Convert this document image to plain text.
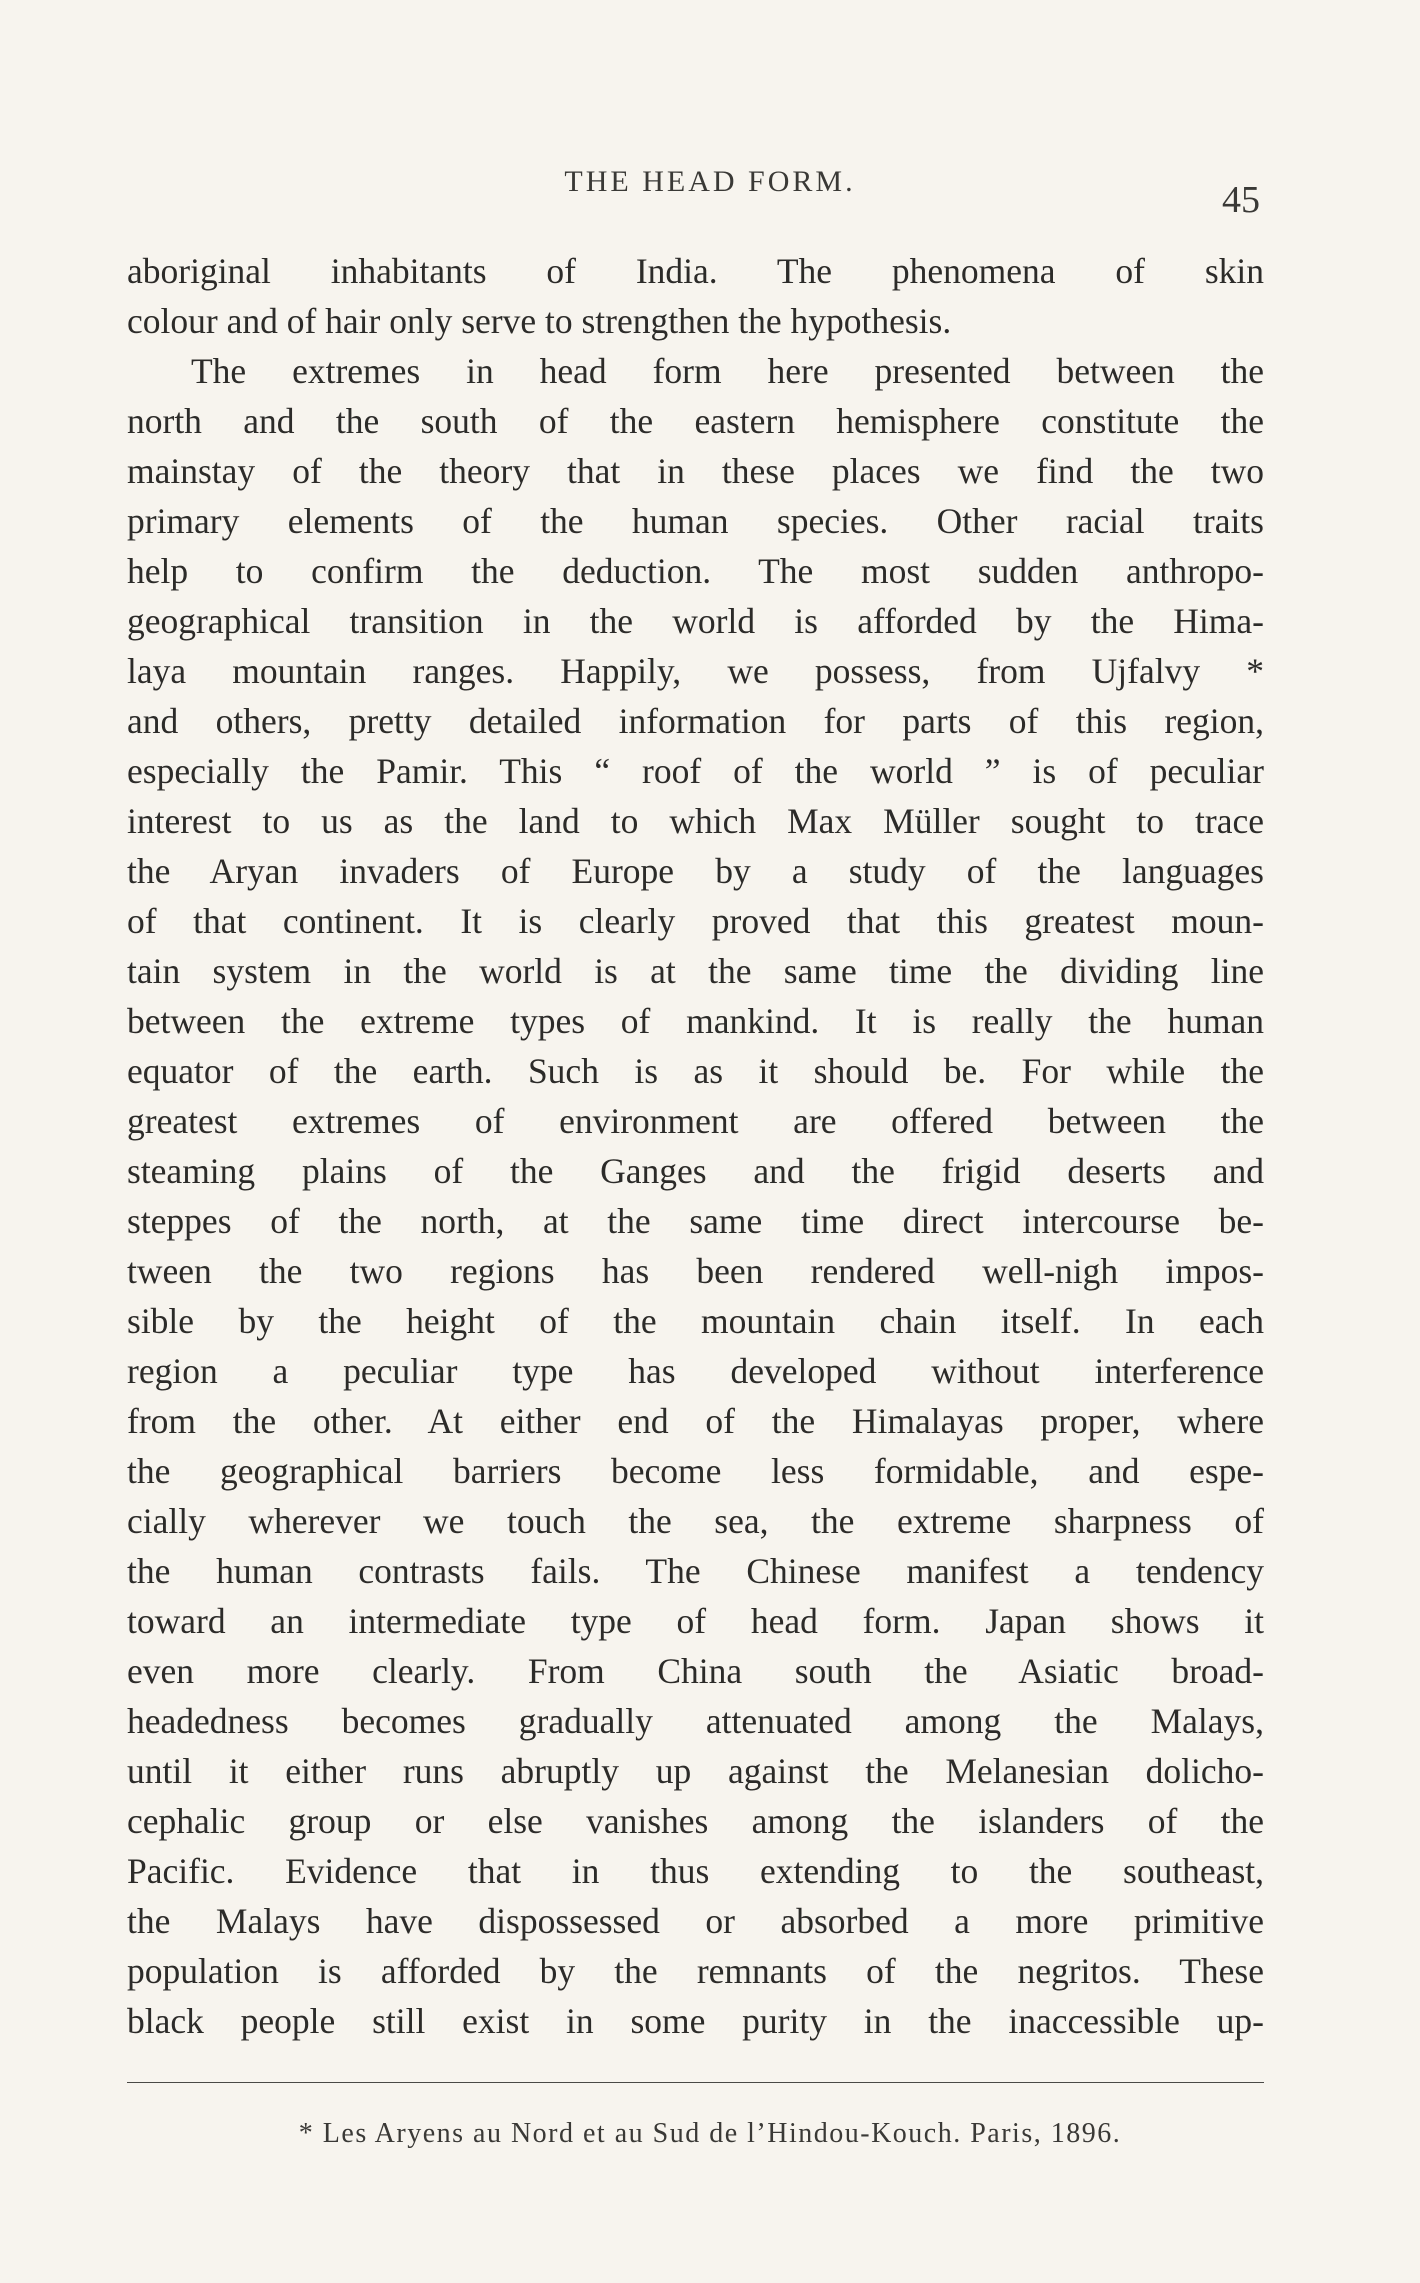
THE HEAD FORM.	45
aboriginal inhabitants of India. The phenomena of skin
colour and of hair only serve to strengthen the hypothesis.
The extremes in head form here presented between the
north and the south of the eastern hemisphere constitute the
mainstay of the theory that in these places we find the two
primary elements of the human species. Other racial traits
help to confirm the deduction. The most sudden anthropo-
geographical transition in the world is afforded by the Hima-
laya mountain ranges. Happily, we possess, from Ujfalvy *
and others, pretty detailed information for parts of this region,
especially the Pamir. This “ roof of the world ” is of peculiar
interest to us as the land to which Max Müller sought to trace
the Aryan invaders of Europe by a study of the languages
of that continent. It is clearly proved that this greatest moun-
tain system in the world is at the same time the dividing line
between the extreme types of mankind. It is really the human
equator of the earth. Such is as it should be. For while the
greatest extremes of environment are offered between the
steaming plains of the Ganges and the frigid deserts and
steppes of the north, at the same time direct intercourse be-
tween the two regions has been rendered well-nigh impos-
sible by the height of the mountain chain itself. In each
region a peculiar type has developed without interference
from the other. At either end of the Himalayas proper, where
the geographical barriers become less formidable, and espe-
cially wherever we touch the sea, the extreme sharpness of
the human contrasts fails. The Chinese manifest a tendency
toward an intermediate type of head form. Japan shows it
even more clearly. From China south the Asiatic broad-
headedness becomes gradually attenuated among the Malays,
until it either runs abruptly up against the Melanesian dolicho-
cephalic group or else vanishes among the islanders of the
Pacific. Evidence that in thus extending to the southeast,
the Malays have dispossessed or absorbed a more primitive
population is afforded by the remnants of the negritos. These
black people still exist in some purity in the inaccessible up-
* Les Aryens au Nord et au Sud de l’Hindou-Kouch. Paris, 1896.
